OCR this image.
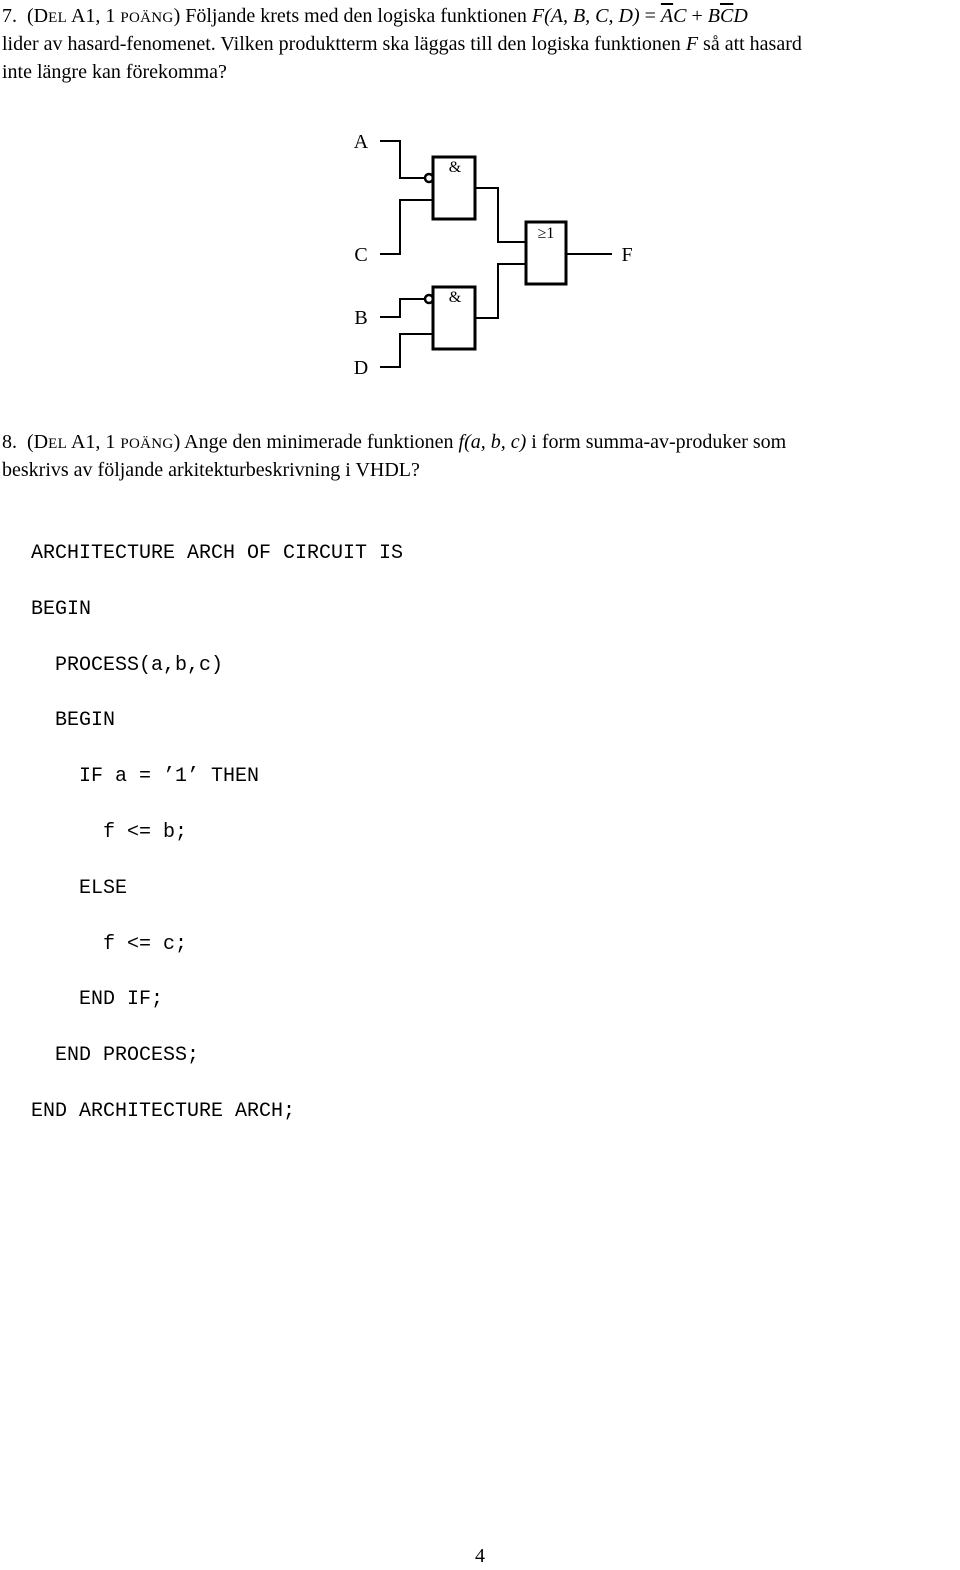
7. (DEL A1, 1 POÄNG) Följande krets med den logiska funktionen F(A, B, C, $D) = \overline{A}C + B\overline{C}D$
lider av hasard-fenomenet. Vilken produktterm ska läggas till den logiska funktionen F så att hasard
inte längre kan förekomma?
A
C
B
D
&
&
≥1
F
8. (DEL A1, 1 POÄNG) Ange den minimerade funktionen f(a, b, c) i form summa-av-produker som
beskrivs av följande arkitekturbeskrivning i VHDL?

ARCHITECTURE ARCH OF CIRCUIT IS

BEGIN

PROCESS(a,b,c)

BEGIN

IF a = ’1’ THEN

f <= b;

ELSE

f <= c;

END IF;

END PROCESS;

END ARCHITECTURE ARCH;

4
